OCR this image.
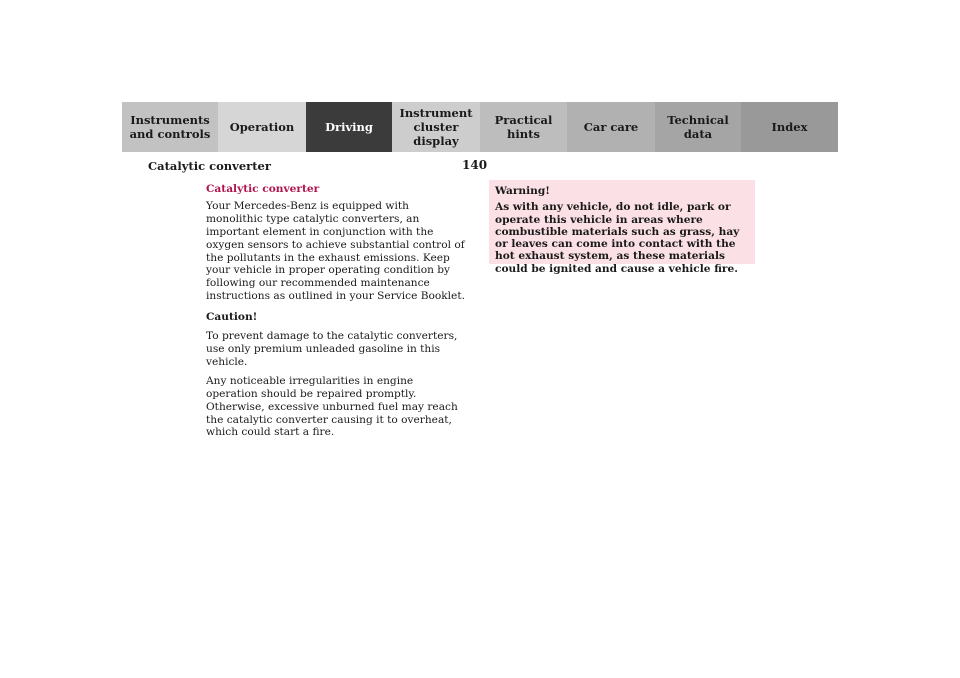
Instruments
and controls	Operation	Driving
Instrument
cluster display
Practical hints	Car care	Technical
data	Index
Catalytic converter	140

Catalytic converter

Your Mercedes-Benz is equipped with monolithic type catalytic converters, an important element in conjunction with the oxygen sensors to achieve substantial control of the pollutants in the exhaust emissions. Keep your vehicle in proper operating condition by following our recommended maintenance instructions as outlined in your Service Booklet.

Caution!

To prevent damage to the catalytic converters, use only premium unleaded gasoline in this vehicle.

Any noticeable irregularities in engine operation should be repaired promptly. Otherwise, excessive unburned fuel may reach the catalytic converter causing it to overheat, which could start a fire.

Warning!

As with any vehicle, do not idle, park or operate this vehicle in areas where combustible materials such as grass, hay or leaves can come into contact with the hot exhaust system, as these materials could be ignited and cause a vehicle fire.
